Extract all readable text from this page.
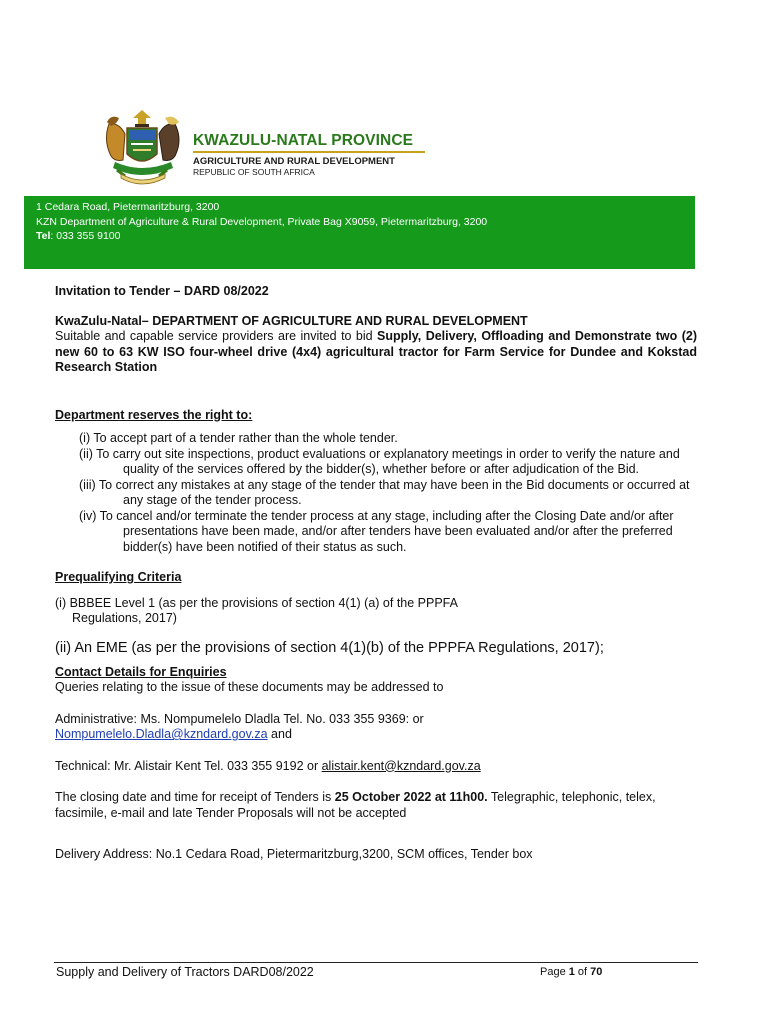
KWAZULU-NATAL PROVINCE
AGRICULTURE AND RURAL DEVELOPMENT
REPUBLIC OF SOUTH AFRICA
1 Cedara Road, Pietermaritzburg, 3200
KZN Department of Agriculture & Rural Development, Private Bag X9059, Pietermaritzburg, 3200
Tel: 033 355 9100

Invitation to Tender – DARD 08/2022

KwaZulu-Natal– DEPARTMENT OF AGRICULTURE AND RURAL DEVELOPMENT

Suitable and capable service providers are invited to bid Supply, Delivery, Offloading and Demonstrate two (2) new 60 to 63 KW ISO four-wheel drive (4x4) agricultural tractor for Farm Service for Dundee and Kokstad Research Station

Department reserves the right to:

(i) To accept part of a tender rather than the whole tender.
(ii) To carry out site inspections, product evaluations or explanatory meetings in order to verify the nature and quality of the services offered by the bidder(s), whether before or after adjudication of the Bid.
(iii) To correct any mistakes at any stage of the tender that may have been in the Bid documents or occurred at any stage of the tender process.
(iv) To cancel and/or terminate the tender process at any stage, including after the Closing Date and/or after presentations have been made, and/or after tenders have been evaluated and/or after the preferred bidder(s) have been notified of their status as such.

Prequalifying Criteria

(i) BBBEE Level 1 (as per the provisions of section 4(1) (a) of the PPPFA

Regulations, 2017)

(ii) An EME (as per the provisions of section 4(1)(b) of the PPPFA Regulations, 2017);

Contact Details for Enquiries

Queries relating to the issue of these documents may be addressed to

Administrative: Ms. Nompumelelo Dladla Tel. No. 033 355 9369: or

Nompumelelo.Dladla@kzndard.gov.za and

Technical: Mr. Alistair Kent Tel. 033 355 9192 or alistair.kent@kzndard.gov.za

The closing date and time for receipt of Tenders is 25 October 2022 at 11h00. Telegraphic, telephonic, telex, facsimile, e-mail and late Tender Proposals will not be accepted

Delivery Address: No.1 Cedara Road, Pietermaritzburg,3200, SCM offices, Tender box

Supply and Delivery of Tractors DARD08/2022	Page 1 of 70
